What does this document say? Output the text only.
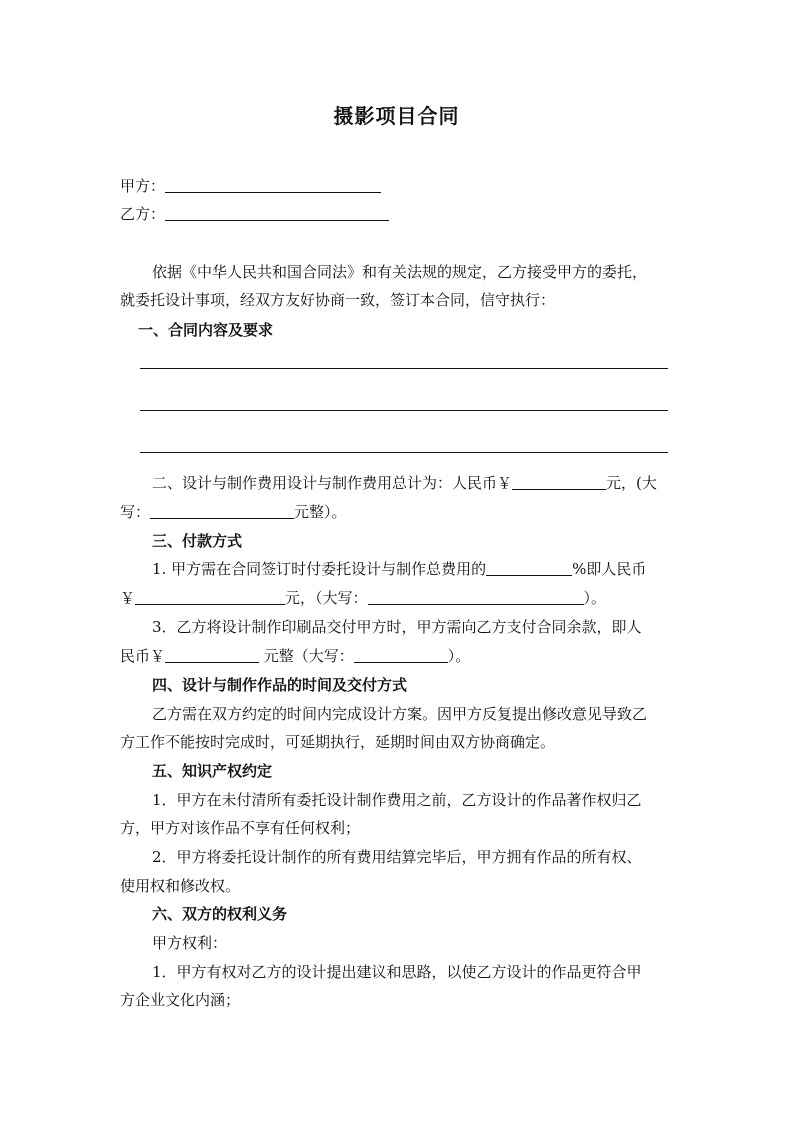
摄影项目合同
甲方：
乙方：
依据《中华人民共和国合同法》和有关法规的规定，乙方接受甲方的委托，
就委托设计事项，经双方友好协商一致，签订本合同，信守执行：
一、合同内容及要求
二、设计与制作费用设计与制作费用总计为：人民币￥	元，(大
写：	元整）。
三、付款方式
1. 甲方需在合同签订时付委托设计与制作总费用的	%即人民币
￥	元，（大写：	）。
3．乙方将设计制作印刷品交付甲方时，甲方需向乙方支付合同余款，即人
民币￥	元整（大写：	）。
四、设计与制作作品的时间及交付方式
乙方需在双方约定的时间内完成设计方案。因甲方反复提出修改意见导致乙
方工作不能按时完成时，可延期执行，延期时间由双方协商确定。
五、知识产权约定
1．甲方在未付清所有委托设计制作费用之前，乙方设计的作品著作权归乙
方，甲方对该作品不享有任何权利；
2．甲方将委托设计制作的所有费用结算完毕后，甲方拥有作品的所有权、
使用权和修改权。
六、双方的权利义务
甲方权利：
1．甲方有权对乙方的设计提出建议和思路，以使乙方设计的作品更符合甲
方企业文化内涵；
